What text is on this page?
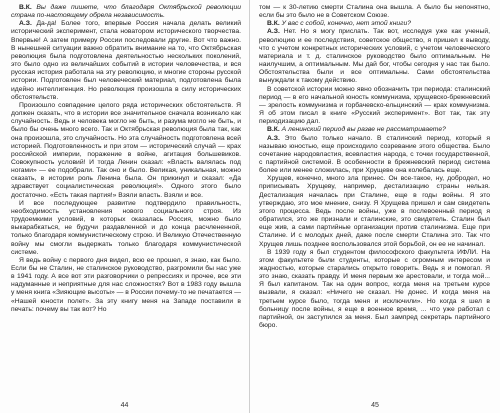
В.К. Вы даже пишете, что благодаря Октябрьской революции страна по-настоящему обрела независимость.

А.З. Да-да! Более того, впервые Россия начала делать великий исторический эксперимент, стала новатором исторического творчества. Впервые! А затем примеру России последовали другие. Вот что важно. В нынешней ситуации важно обратить внимание на то, что Октябрьская революция была подготовлена деятельностью нескольких поколений, это было одно из величайших событий в истории человечества, и вся русская история работала на эту революцию, и многие стороны русской истории. Подготовлен был человеческий материал, подготовлена была идейно интеллигенция. Но революция произошла в силу исторических обстоятельств.

Произошло совпадение целого ряда исторических обстоятельств. Я должен сказать, что в истории все значительное сначала возникало как случайность. Ведь и человека могло не быть, и разума могло не быть, и было бы очень много всего. Так и Октябрьская революция была так, как она произошла, это случайность. Но эта случайность подготовлена всей историей. Подготовленность и при этом — исторический случай — крах российской империи, поражение в войне, агитация большевиков. Совокупность условий! И тогда Ленин сказал: «Власть валялась под ногами» — ее подобрали. Так оно и было. Великая, уникальная, можно сказать, в истории роль Ленина была. Он прикинул и сказал: «Да здравствует социалистическая революция!». Одного этого было достаточно. «Есть такая партия!» Взяли власть. Взяли и все.

И все последующее развитие подтвердило правильность, необходимость установления нового социального строя. Из трудоемкими условий, в которых оказалась Россия, можно было выкарабкаться, не будучи раздавленной и до конца расчлененной, только благодаря коммунистическому строю. И Великую Отечественную войну мы смогли выдержать только благодаря коммунистической системе.

Я ведь войну с первого дня видел, всю ее прошел, я знаю, как было. Если бы не Сталин, не сталинское руководство, разгромили бы нас уже в 1941 году. А все вот эти разговорчики о репрессиях и прочее, все эти надуманные и неприятные для нас сложностях? Вот в 1983 году вышла у меня книга «Зияющие высоты» — в России почему-то не печатается — «Нашей юности полет». За эту книгу меня на Западе поставили в печать: почему вы так вот? Но

44

том — к 30-летию смерти Сталина она вышла. А было бы непонятно, если бы это было не в Советском Союзе.

В.К. У вас с собой, конечно, нет этой книги?

А.З. Нет. Но я могу прислать. Так вот, исследуя уже как ученый, революцию и ее последствия, советское общество, я пришел к выводу, что с учетом конкретных исторических условий, с учетом человеческого материала и т. д. сталинское руководство было оптимальным. Не наилучшим, а оптимальным. Мы дай бог, чтобы сегодня у нас так было. Обстоятельства были и все оптимальны. Сами обстоятельства вынуждали к такому действию.

В советской истории можно явно обозначить три периода: сталинский период — в его начальной юность коммунизма, хрущевско-брежневский — зрелость коммунизма и горбачевско-ельцинский — крах коммунизма. Я об этом писал в книге «Русский эксперимент». Вот так, так эту периодизацию дал.

В.К. А ленинский период вы разве не рассматриваете?

А.З. Это было только начало. В сталинский период, который я называю юностью, еще происходило созревание этого общества. Было сочетание народовластия, всевластия народа, с точки государственной, с партийной системой. В особенности в брежневский период система более или менее сложилась, при Хрущеве она колебалась еще.

Хрущев, конечно, много зла принес. Он все-такое, ну, добродел, но приписывать Хрущеву, например, дестализацию страны нельзя. Дестализация началась при Сталине, еще в годы войны. Я это утверждаю, это мое мнение, снизу. Я Хрущева пришел и сам свидетель этого процесса. Ведь после войны, уже в послевоенный период я обратился, это же признали и сталинские, это свидетель. Сталин был еще жив, а сами партийные организации против сталинизма. Еще при Сталине. И с молодых дней, даже после смерти Сталина это. Так что Хрущев лишь позднее воспользовался этой борьбой, он ее не начинал.

В 1939 году я был студентом философского факультета ИФЛИ. На этом факультете были студенты, которые с огромным интересом и жадностью, которые старались открыто говорить. Ведь я и помогал. Я это знаю, сказать правду. И меня первым же арестовали, и тогда мой... Я был капитаном. Так на один вопрос, когда меня на третьем курсе вызвали, я сказал: «Ничего не сказал. Не донес. И когда меня на третьем курсе было, тогда меня и исключили». Но когда я шел в больницу после войны, я еще в военное время, ... что уже работал с партийной, он заступился за меня. Был зампред секретарь партийного бюро.

45
